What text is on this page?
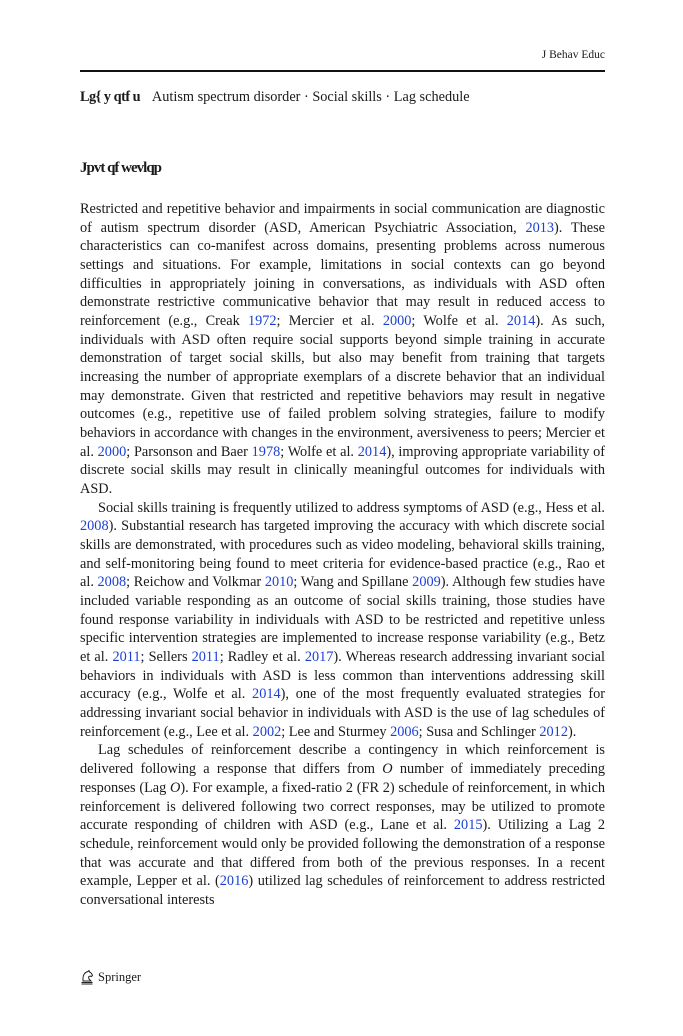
J Behav Educ
Lg{ y qtf u Autism spectrum disorder · Social skills · Lag schedule
Jpvt qf wevlqp

Restricted and repetitive behavior and impairments in social communication are diagnostic of autism spectrum disorder (ASD, American Psychiatric Association, 2013). These characteristics can co-manifest across domains, presenting problems across numerous settings and situations. For example, limitations in social contexts can go beyond difficulties in appropriately joining in conversations, as individuals with ASD often demonstrate restrictive communicative behavior that may result in reduced access to reinforcement (e.g., Creak 1972; Mercier et al. 2000; Wolfe et al. 2014). As such, individuals with ASD often require social supports beyond simple training in accurate demonstration of target social skills, but also may benefit from training that targets increasing the number of appropriate exemplars of a discrete behavior that an individual may demonstrate. Given that restricted and repetitive behaviors may result in negative outcomes (e.g., repetitive use of failed problem solving strategies, failure to modify behaviors in accordance with changes in the environment, aversiveness to peers; Mercier et al. 2000; Parsonson and Baer 1978; Wolfe et al. 2014), improving appropriate variability of discrete social skills may result in clinically meaningful outcomes for individuals with ASD.

Social skills training is frequently utilized to address symptoms of ASD (e.g., Hess et al. 2008). Substantial research has targeted improving the accuracy with which discrete social skills are demonstrated, with procedures such as video modeling, behavioral skills training, and self-monitoring being found to meet criteria for evidence-based practice (e.g., Rao et al. 2008; Reichow and Volkmar 2010; Wang and Spillane 2009). Although few studies have included variable responding as an outcome of social skills training, those studies have found response variability in individuals with ASD to be restricted and repetitive unless specific intervention strategies are implemented to increase response variability (e.g., Betz et al. 2011; Sellers 2011; Radley et al. 2017). Whereas research addressing invariant social behaviors in individuals with ASD is less common than interventions addressing skill accuracy (e.g., Wolfe et al. 2014), one of the most frequently evaluated strategies for addressing invariant social behavior in individuals with ASD is the use of lag schedules of reinforcement (e.g., Lee et al. 2002; Lee and Sturmey 2006; Susa and Schlinger 2012).

Lag schedules of reinforcement describe a contingency in which reinforcement is delivered following a response that differs from O number of immediately preceding responses (Lag O). For example, a fixed-ratio 2 (FR 2) schedule of reinforcement, in which reinforcement is delivered following two correct responses, may be utilized to promote accurate responding of children with ASD (e.g., Lane et al. 2015). Utilizing a Lag 2 schedule, reinforcement would only be provided following the demonstration of a response that was accurate and that differed from both of the previous responses. In a recent example, Lepper et al. (2016) utilized lag schedules of reinforcement to address restricted conversational interests

Springer
